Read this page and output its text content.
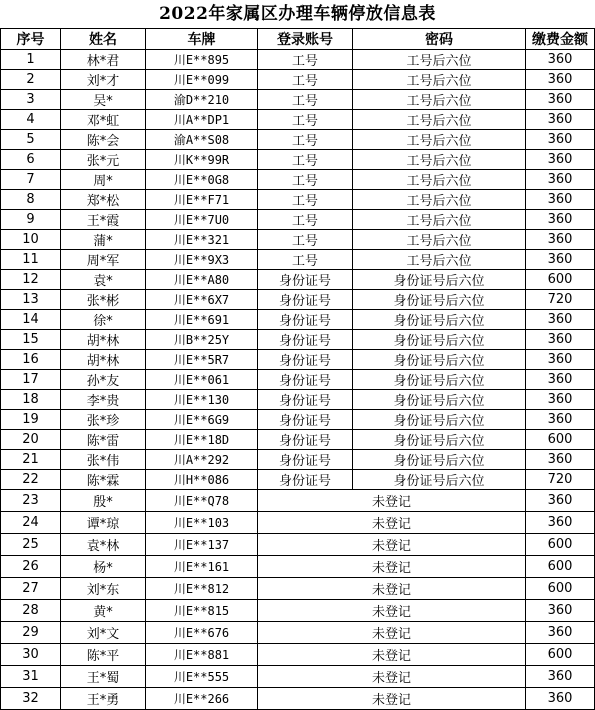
2022年家属区办理车辆停放信息表
序号	姓名	车牌	登录账号	密码	缴费金额
1	林*君	川E**895	工号	工号后六位	360
2	刘*才	川E**099	工号	工号后六位	360
3	吴*	渝D**210	工号	工号后六位	360
4	邓*虹	川A**DP1	工号	工号后六位	360
5	陈*会	渝A**S08	工号	工号后六位	360
6	张*元	川K**99R	工号	工号后六位	360
7	周*	川E**0G8	工号	工号后六位	360
8	郑*松	川E**F71	工号	工号后六位	360
9	王*霞	川E**7U0	工号	工号后六位	360
10	蒲*	川E**321	工号	工号后六位	360
11	周*军	川E**9X3	工号	工号后六位	360
12	袁*	川E**A80	身份证号	身份证号后六位	600
13	张*彬	川E**6X7	身份证号	身份证号后六位	720
14	徐*	川E**691	身份证号	身份证号后六位	360
15	胡*林	川B**25Y	身份证号	身份证号后六位	360
16	胡*林	川E**5R7	身份证号	身份证号后六位	360
17	孙*友	川E**061	身份证号	身份证号后六位	360
18	李*贵	川E**130	身份证号	身份证号后六位	360
19	张*珍	川E**6G9	身份证号	身份证号后六位	360
20	陈*雷	川E**18D	身份证号	身份证号后六位	600
21	张*伟	川A**292	身份证号	身份证号后六位	360
22	陈*霖	川H**086	身份证号	身份证号后六位	720
23	殷*	川E**Q78	未登记		360
24	谭*琼	川E**103	未登记		360
25	袁*林	川E**137	未登记		600
26	杨*	川E**161	未登记		600
27	刘*东	川E**812	未登记		600
28	黄*	川E**815	未登记		360
29	刘*文	川E**676	未登记		360
30	陈*平	川E**881	未登记		600
31	王*蜀	川E**555	未登记		360
32	王*勇	川E**266	未登记		360
